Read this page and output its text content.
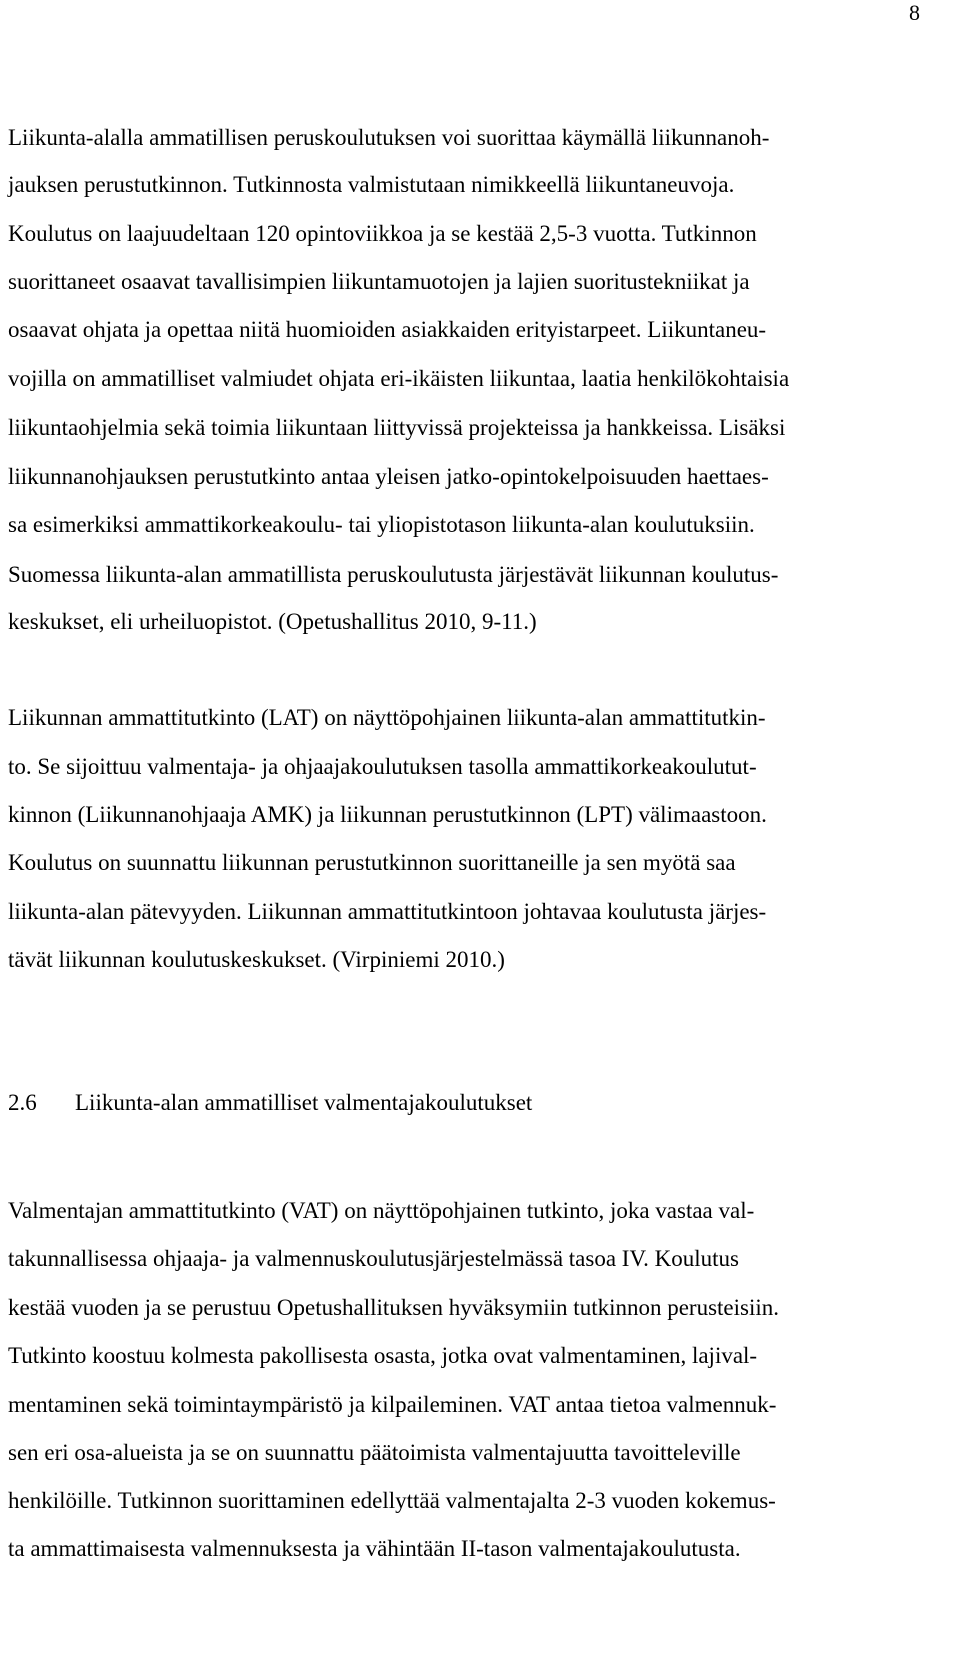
8
Liikunta-alalla ammatillisen peruskoulutuksen voi suorittaa käymällä liikunnanoh-
jauksen perustutkinnon. Tutkinnosta valmistutaan nimikkeellä liikuntaneuvoja.
Koulutus on laajuudeltaan 120 opintoviikkoa ja se kestää 2,5-3 vuotta. Tutkinnon
suorittaneet osaavat tavallisimpien liikuntamuotojen ja lajien suoritustekniikat ja
osaavat ohjata ja opettaa niitä huomioiden asiakkaiden erityistarpeet. Liikuntaneu-
vojilla on ammatilliset valmiudet ohjata eri-ikäisten liikuntaa, laatia henkilökohtaisia
liikuntaohjelmia sekä toimia liikuntaan liittyvissä projekteissa ja hankkeissa. Lisäksi
liikunnanohjauksen perustutkinto antaa yleisen jatko-opintokelpoisuuden haettaes-
sa esimerkiksi ammattikorkeakoulu- tai yliopistotason liikunta-alan koulutuksiin.
Suomessa liikunta-alan ammatillista peruskoulutusta järjestävät liikunnan koulutus-
keskukset, eli urheiluopistot. (Opetushallitus 2010, 9-11.)
Liikunnan ammattitutkinto (LAT) on näyttöpohjainen liikunta-alan ammattitutkin-
to. Se sijoittuu valmentaja- ja ohjaajakoulutuksen tasolla ammattikorkeakoulutut-
kinnon (Liikunnanohjaaja AMK) ja liikunnan perustutkinnon (LPT) välimaastoon.
Koulutus on suunnattu liikunnan perustutkinnon suorittaneille ja sen myötä saa
liikunta-alan pätevyyden. Liikunnan ammattitutkintoon johtavaa koulutusta järjes-
tävät liikunnan koulutuskeskukset. (Virpiniemi 2010.)
2.6 Liikunta-alan ammatilliset valmentajakoulutukset
Valmentajan ammattitutkinto (VAT) on näyttöpohjainen tutkinto, joka vastaa val-
takunnallisessa ohjaaja- ja valmennuskoulutusjärjestelmässä tasoa IV. Koulutus
kestää vuoden ja se perustuu Opetushallituksen hyväksymiin tutkinnon perusteisiin.
Tutkinto koostuu kolmesta pakollisesta osasta, jotka ovat valmentaminen, lajival-
mentaminen sekä toimintaympäristö ja kilpaileminen. VAT antaa tietoa valmennuk-
sen eri osa-alueista ja se on suunnattu päätoimista valmentajuutta tavoitteleville
henkilöille. Tutkinnon suorittaminen edellyttää valmentajalta 2-3 vuoden kokemus-
ta ammattimaisesta valmennuksesta ja vähintään II-tason valmentajakoulutusta.
